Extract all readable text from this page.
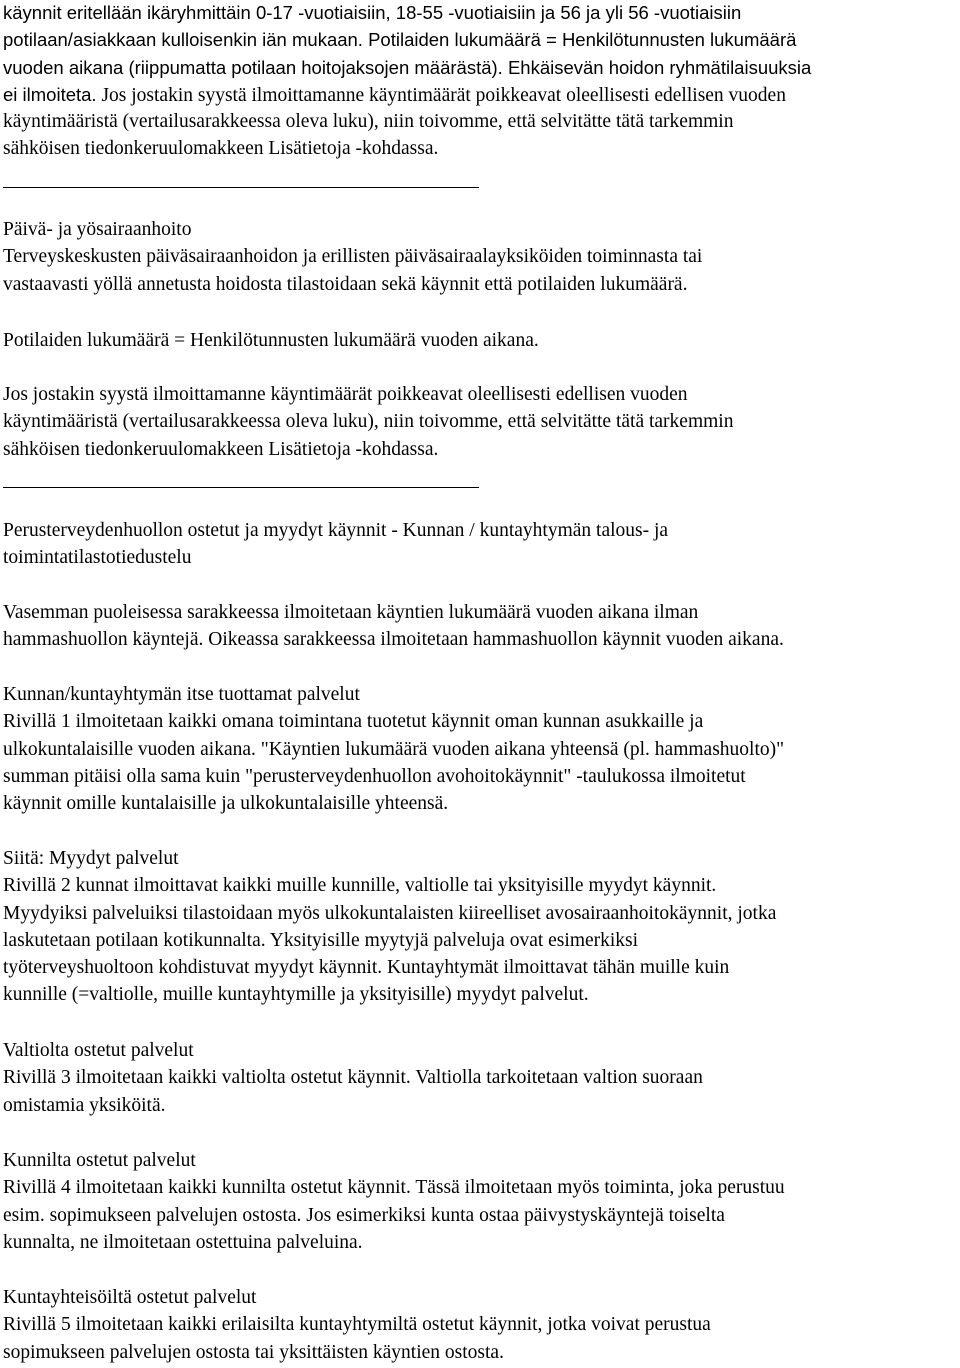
käynnit eritellään ikäryhmittäin 0-17 -vuotiaisiin, 18-55 -vuotiaisiin ja 56 ja yli 56 -vuotiaisiin
potilaan/asiakkaan kulloisenkin iän mukaan. Potilaiden lukumäärä = Henkilötunnusten lukumäärä
vuoden aikana (riippumatta potilaan hoitojaksojen määrästä). Ehkäisevän hoidon ryhmätilaisuuksia
ei ilmoiteta. Jos jostakin syystä ilmoittamanne käyntimäärät poikkeavat oleellisesti edellisen vuoden
käyntimääristä (vertailusarakkeessa oleva luku), niin toivomme, että selvitätte tätä tarkemmin
sähköisen tiedonkeruulomakkeen Lisätietoja -kohdassa.
Päivä- ja yösairaanhoito
Terveyskeskusten päiväsairaanhoidon ja erillisten päiväsairaalayksiköiden toiminnasta tai
vastaavasti yöllä annetusta hoidosta tilastoidaan sekä käynnit että potilaiden lukumäärä.
Potilaiden lukumäärä = Henkilötunnusten lukumäärä vuoden aikana.
Jos jostakin syystä ilmoittamanne käyntimäärät poikkeavat oleellisesti edellisen vuoden
käyntimääristä (vertailusarakkeessa oleva luku), niin toivomme, että selvitätte tätä tarkemmin
sähköisen tiedonkeruulomakkeen Lisätietoja -kohdassa.
Perusterveydenhuollon ostetut ja myydyt käynnit - Kunnan / kuntayhtymän talous- ja
toimintatilastotiedustelu
Vasemman puoleisessa sarakkeessa ilmoitetaan käyntien lukumäärä vuoden aikana ilman
hammashuollon käyntejä. Oikeassa sarakkeessa ilmoitetaan hammashuollon käynnit vuoden aikana.
Kunnan/kuntayhtymän itse tuottamat palvelut
Rivillä 1 ilmoitetaan kaikki omana toimintana tuotetut käynnit oman kunnan asukkaille ja
ulkokuntalaisille vuoden aikana. "Käyntien lukumäärä vuoden aikana yhteensä (pl. hammashuolto)"
summan pitäisi olla sama kuin "perusterveydenhuollon avohoitokäynnit" -taulukossa ilmoitetut
käynnit omille kuntalaisille ja ulkokuntalaisille yhteensä.
Siitä: Myydyt palvelut
Rivillä 2 kunnat ilmoittavat kaikki muille kunnille, valtiolle tai yksityisille myydyt käynnit.
Myydyiksi palveluiksi tilastoidaan myös ulkokuntalaisten kiireelliset avosairaanhoitokäynnit, jotka
laskutetaan potilaan kotikunnalta. Yksityisille myytyjä palveluja ovat esimerkiksi
työterveyshuoltoon kohdistuvat myydyt käynnit. Kuntayhtymät ilmoittavat tähän muille kuin
kunnille (=valtiolle, muille kuntayhtymille ja yksityisille) myydyt palvelut.
Valtiolta ostetut palvelut
Rivillä 3 ilmoitetaan kaikki valtiolta ostetut käynnit. Valtiolla tarkoitetaan valtion suoraan
omistamia yksiköitä.
Kunnilta ostetut palvelut
Rivillä 4 ilmoitetaan kaikki kunnilta ostetut käynnit. Tässä ilmoitetaan myös toiminta, joka perustuu
esim. sopimukseen palvelujen ostosta. Jos esimerkiksi kunta ostaa päivystyskäyntejä toiselta
kunnalta, ne ilmoitetaan ostettuina palveluina.
Kuntayhteisöiltä ostetut palvelut
Rivillä 5 ilmoitetaan kaikki erilaisilta kuntayhtymiltä ostetut käynnit, jotka voivat perustua
sopimukseen palvelujen ostosta tai yksittäisten käyntien ostosta.
